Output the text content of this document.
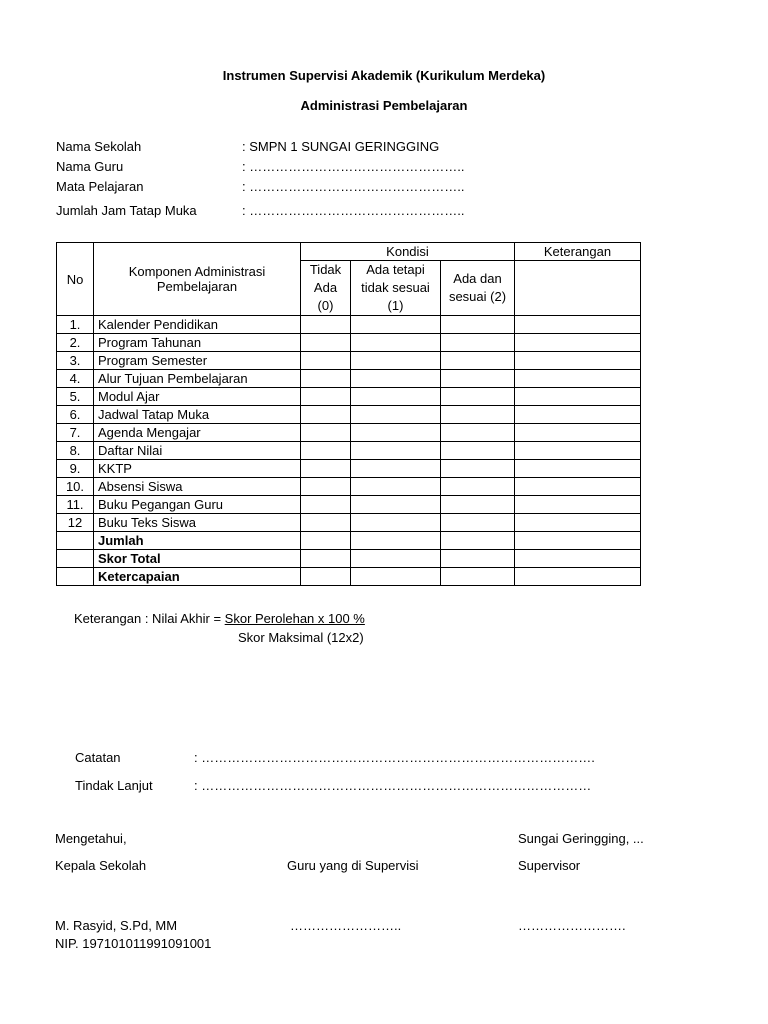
Instrumen Supervisi Akademik (Kurikulum Merdeka)
Administrasi Pembelajaran
Nama Sekolah	: SMPN 1 SUNGAI GERINGGING
Nama Guru	: …………………………………………..
Mata Pelajaran	: …………………………………………..
Jumlah Jam Tatap Muka	: …………………………………………..
No	Komponen Administrasi Pembelajaran	Kondisi			Keterangan
		Tidak Ada (0)	Ada tetapi tidak sesuai (1)	Ada dan sesuai (2)	
1.	Kalender Pendidikan				
2.	Program Tahunan				
3.	Program Semester				
4.	Alur Tujuan Pembelajaran				
5.	Modul Ajar				
6.	Jadwal Tatap Muka				
7.	Agenda Mengajar				
8.	Daftar Nilai				
9.	KKTP				
10.	Absensi Siswa				
11.	Buku Pegangan Guru				
12	Buku Teks Siswa				
	Jumlah				
	Skor Total				
	Ketercapaian				
Keterangan : Nilai Akhir = Skor Perolehan x 100 %
Skor Maksimal (12x2)
Catatan	: ……………………………………………………………………………….
Tindak Lanjut	: ………………………………………………………………………………
Mengetahui,	Sungai Geringging, ...
Kepala Sekolah	Guru yang di Supervisi	Supervisor
M. Rasyid, S.Pd, MM	……………………..	…………………….
NIP. 197101011991091001
